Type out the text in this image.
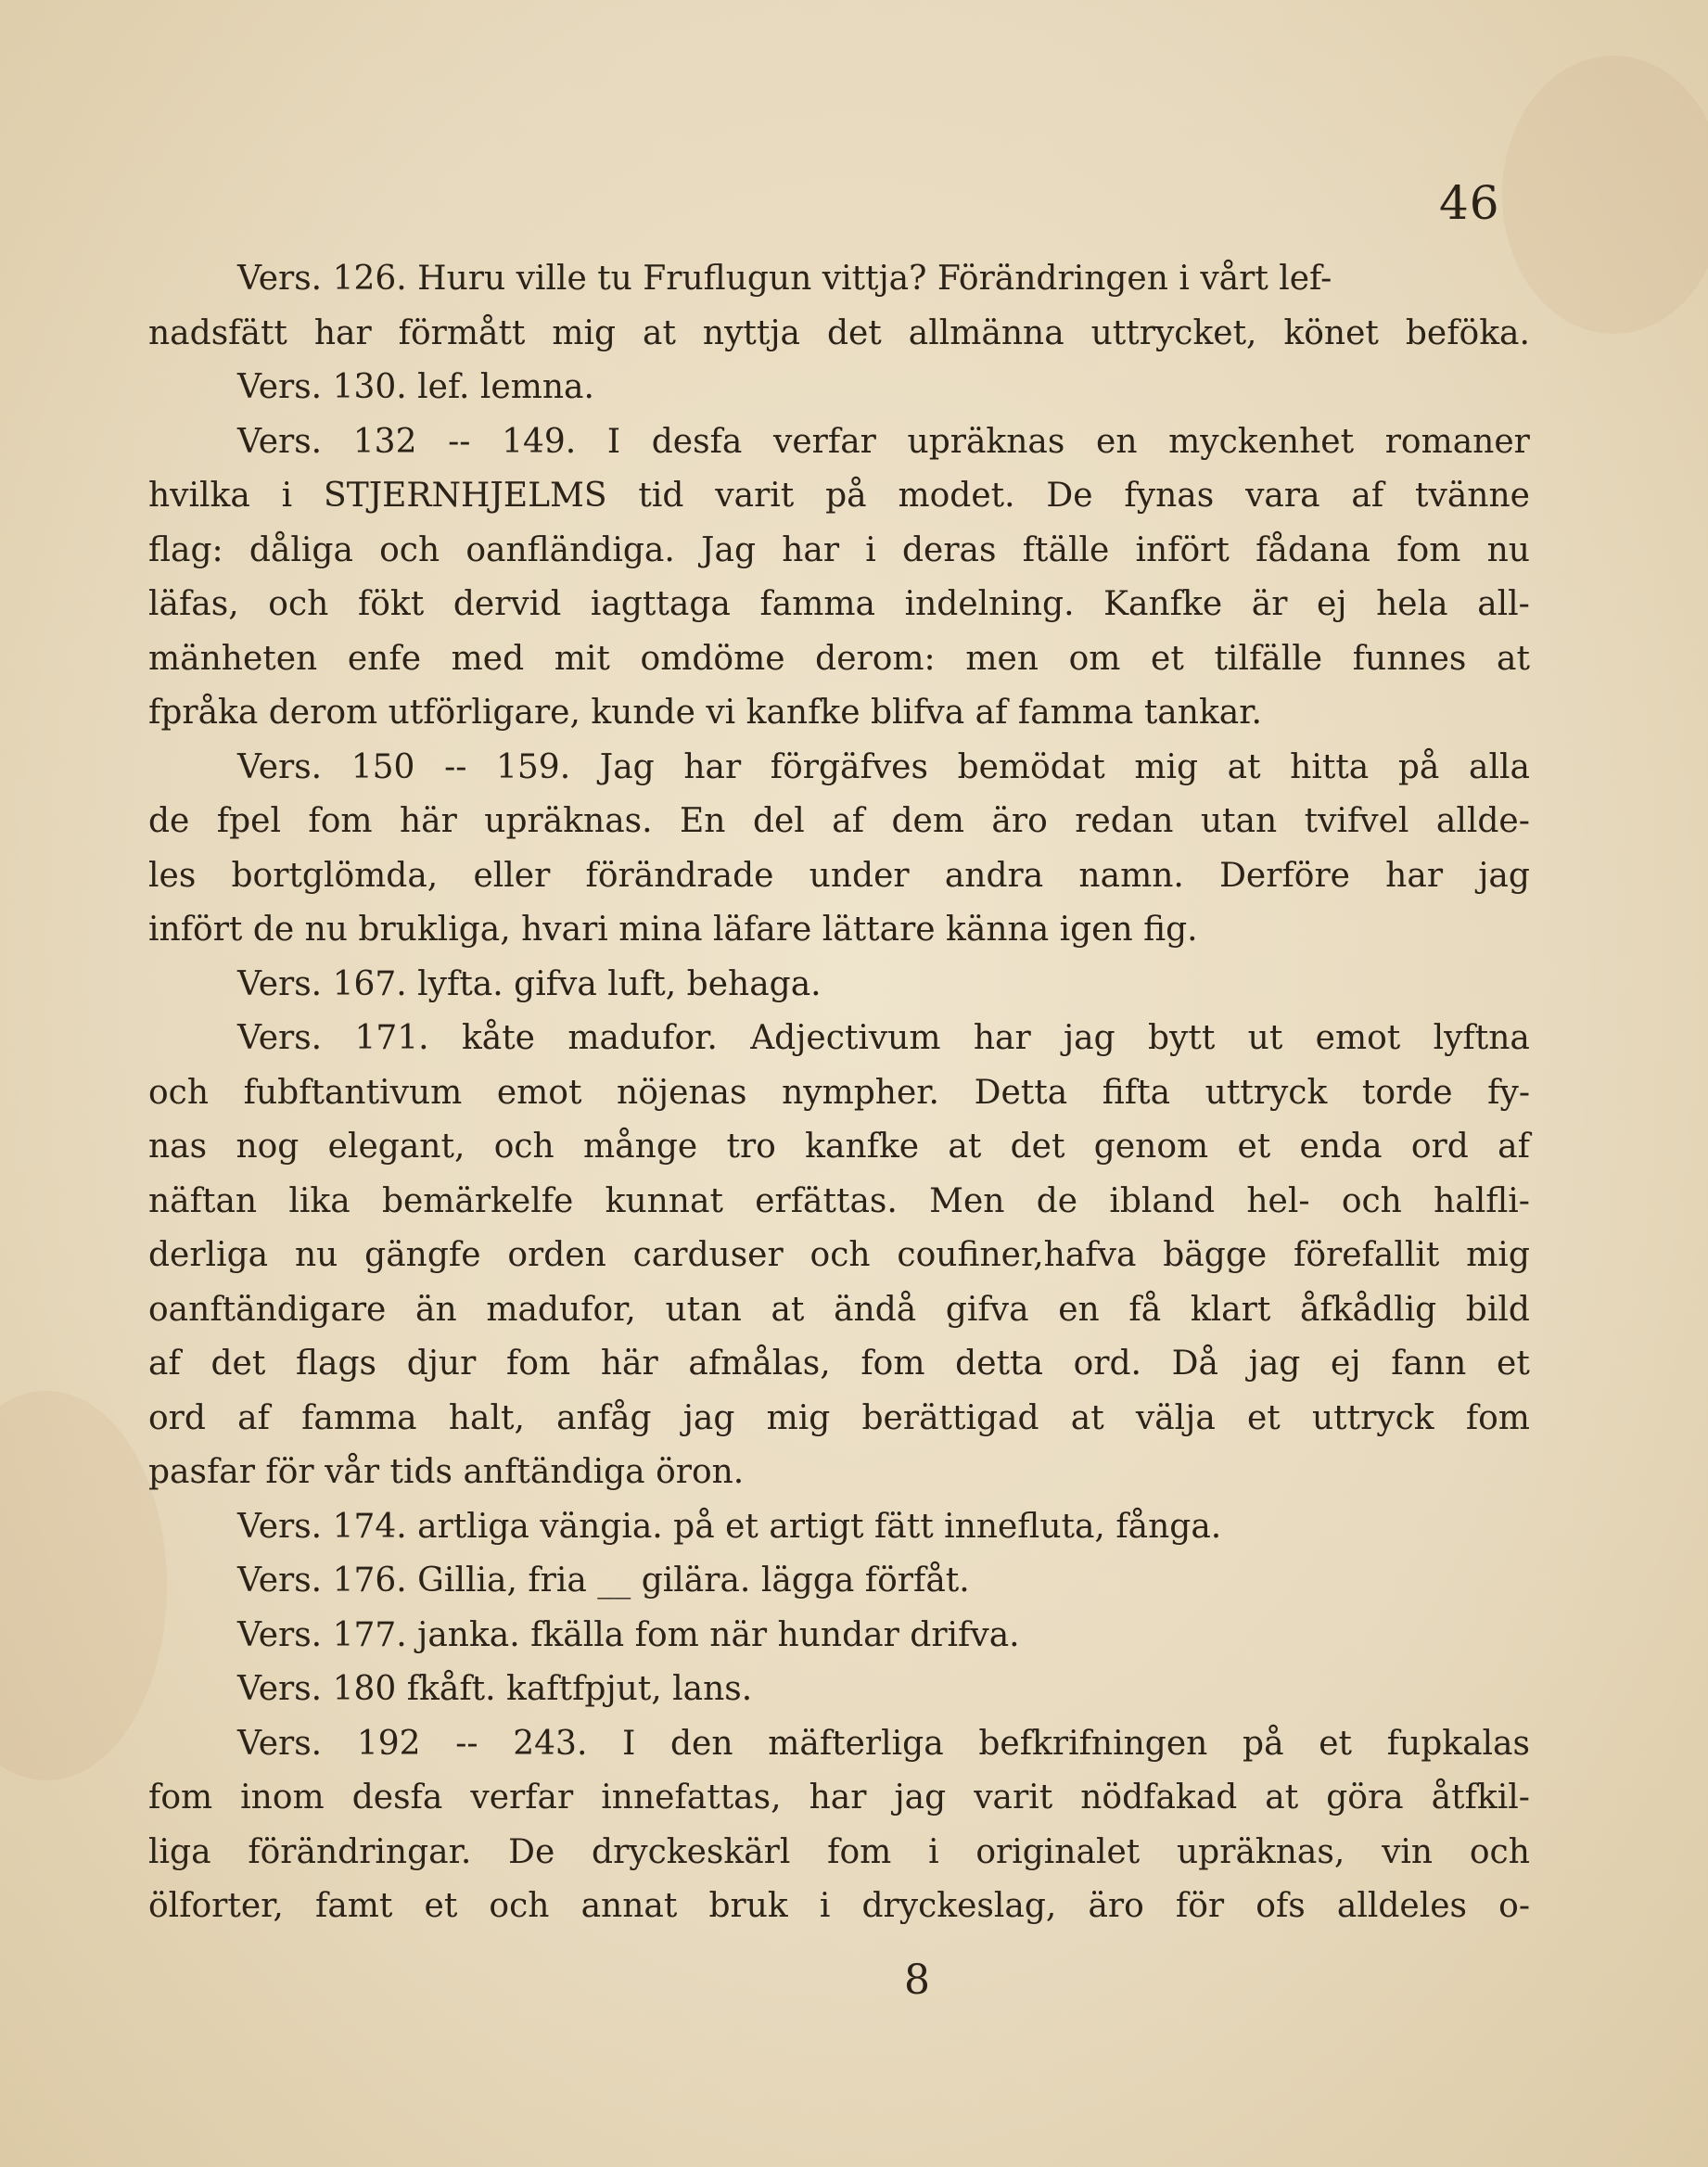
46
Vers. 126. Huru ville tu Fruflugun vittja? Förändringen i vårt lef-
nadsfätt har förmått mig at nyttja det allmänna uttrycket, könet befökа.
Vers. 130. lef. lemna.
Vers. 132 -- 149. I desfa verfar upräknas en myckenhet romaner
hvilka i STJERNHJELMS tid varit på modet. De fynas vara af tvänne
flag: dåliga och oanfländiga. Jag har i deras ftälle infört fådana fom nu
läfas, och fökt dervid iagttaga famma indelning. Kanfke är ej hela all-
mänheten enfe med mit omdöme derom: men om et tilfälle funnes at
fpråka derom utförligare, kunde vi kanfke blifva af famma tankar.
Vers. 150 -- 159. Jag har förgäfves bemödat mig at hitta på alla
de fpel fom här upräknas. En del af dem äro redan utan tvifvel allde-
les bortglömda, eller förändrade under andra namn. Derföre har jag
infört de nu brukliga, hvari mina läfare lättare känna igen fig.
Vers. 167. lyfta. gifva luft, behaga.
Vers. 171. kåte madufor. Adjectivum har jag bytt ut emot lyftna
och fubftantivum emot nöjenas nympher. Detta fifta uttryck torde fy-
nas nog elegant, och månge tro kanfke at det genom et enda ord af
näftan lika bemärkelfe kunnat erfättas. Men de ibland hel- och halfli-
derliga nu gängfe orden carduser och coufiner,hafva bägge förefallit mig
oanftändigare än madufor, utan at ändå gifva en få klart åfkådlig bild
af det flags djur fom här afmålas, fom detta ord. Då jag ej fann et
ord af famma halt, anfåg jag mig berättigad at välja et uttryck fom
pasfar för vår tids anftändiga öron.
Vers. 174. artliga vängia. på et artigt fätt innefluta, fånga.
Vers. 176. Gillia, fria __ gilära. lägga förfåt.
Vers. 177. janka. fkälla fom när hundar drifva.
Vers. 180 fkåft. kaftfpjut, lans.
Vers. 192 -- 243. I den mäfterliga befkrifningen på et fupkalas
fom inom desfa verfar innefattas, har jag varit nödfakad at göra åtfkil-
liga förändringar. De dryckeskärl fom i originalet upräknas, vin och
ölforter, famt et och annat bruk i dryckeslag, äro för ofs alldeles o-
8
